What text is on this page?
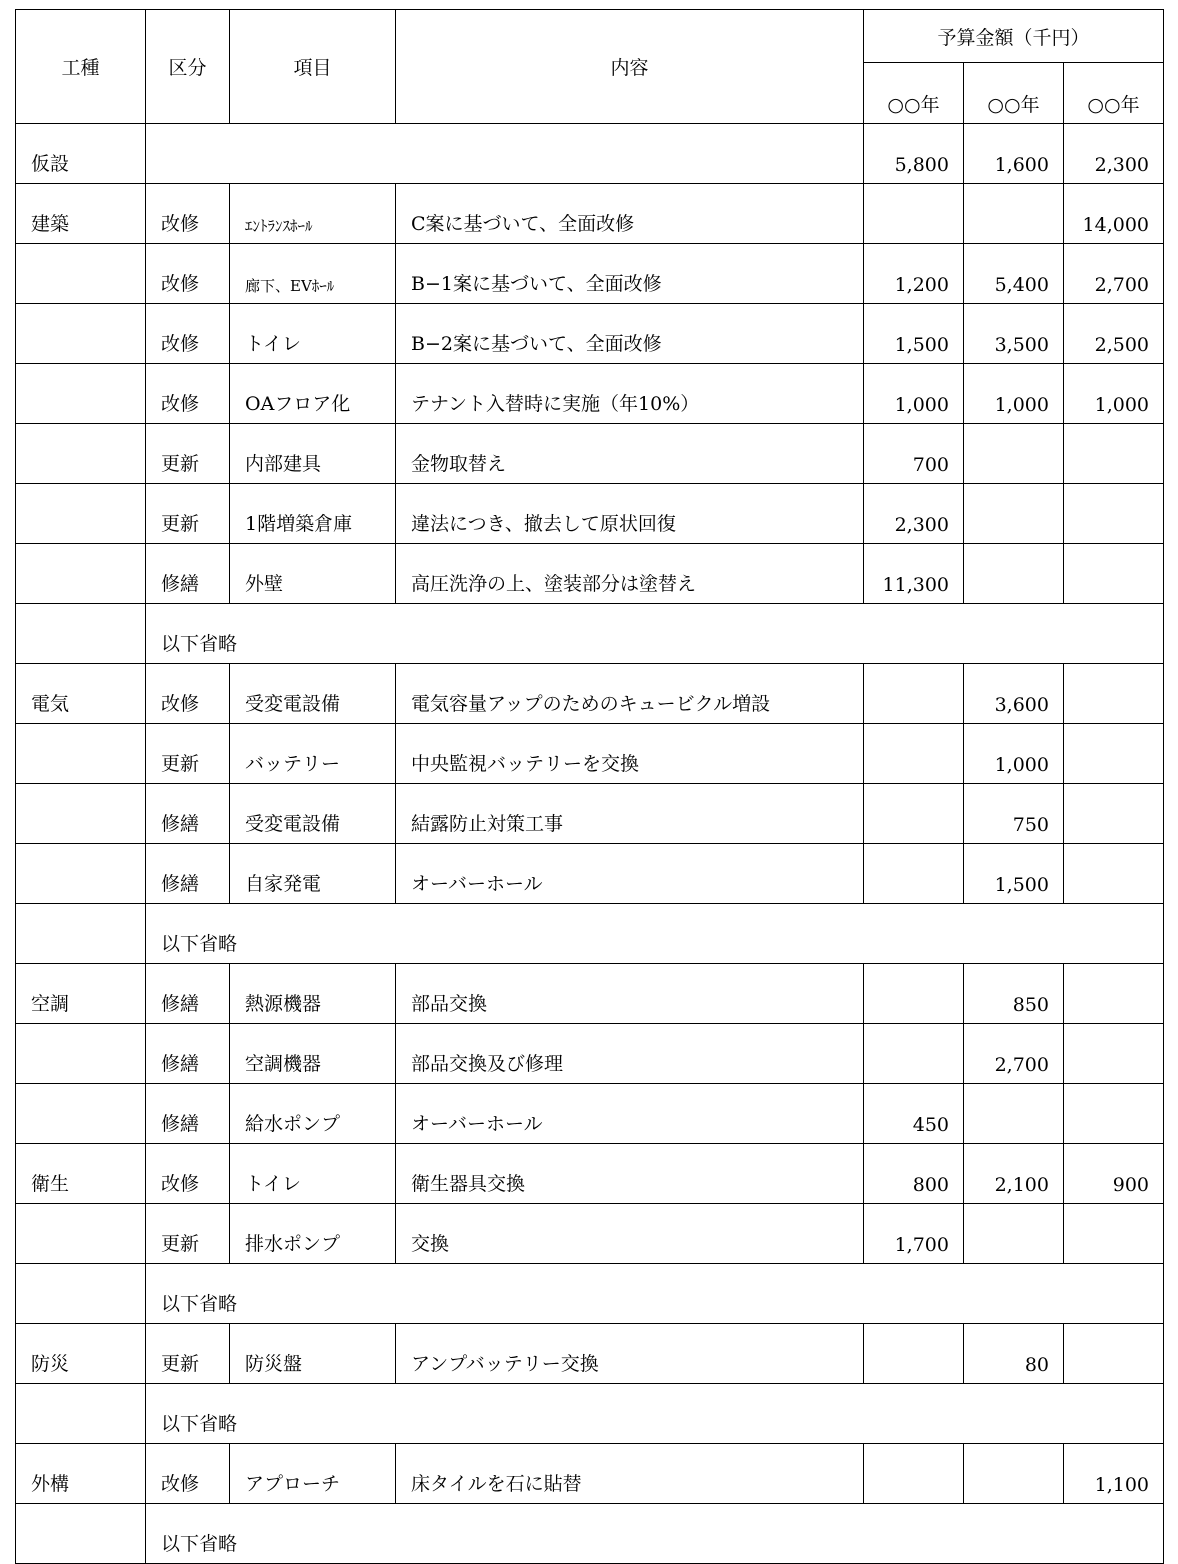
工種	区分	項目	内容	予算金額（千円）		
				○○年	○○年	○○年
仮設				5,800	1,600	2,300
建築	改修	ｴﾝﾄﾗﾝｽﾎｰﾙ	C案に基づいて、全面改修			14,000
	改修	廊下、EVﾎｰﾙ	B−1案に基づいて、全面改修	1,200	5,400	2,700
	改修	トイレ	B−2案に基づいて、全面改修	1,500	3,500	2,500
	改修	OAフロア化	テナント入替時に実施（年10%）	1,000	1,000	1,000
	更新	内部建具	金物取替え	700		
	更新	1階増築倉庫	違法につき、撤去して原状回復	2,300		
	修繕	外壁	高圧洗浄の上、塗装部分は塗替え	11,300		
	以下省略					
電気	改修	受変電設備	電気容量アップのためのキュービクル増設		3,600	
	更新	バッテリー	中央監視バッテリーを交換		1,000	
	修繕	受変電設備	結露防止対策工事		750	
	修繕	自家発電	オーバーホール		1,500	
	以下省略					
空調	修繕	熱源機器	部品交換		850	
	修繕	空調機器	部品交換及び修理		2,700	
	修繕	給水ポンプ	オーバーホール	450		
衛生	改修	トイレ	衛生器具交換	800	2,100	900
	更新	排水ポンプ	交換	1,700		
	以下省略					
防災	更新	防災盤	アンプバッテリー交換		80	
	以下省略					
外構	改修	アプローチ	床タイルを石に貼替			1,100
	以下省略					
